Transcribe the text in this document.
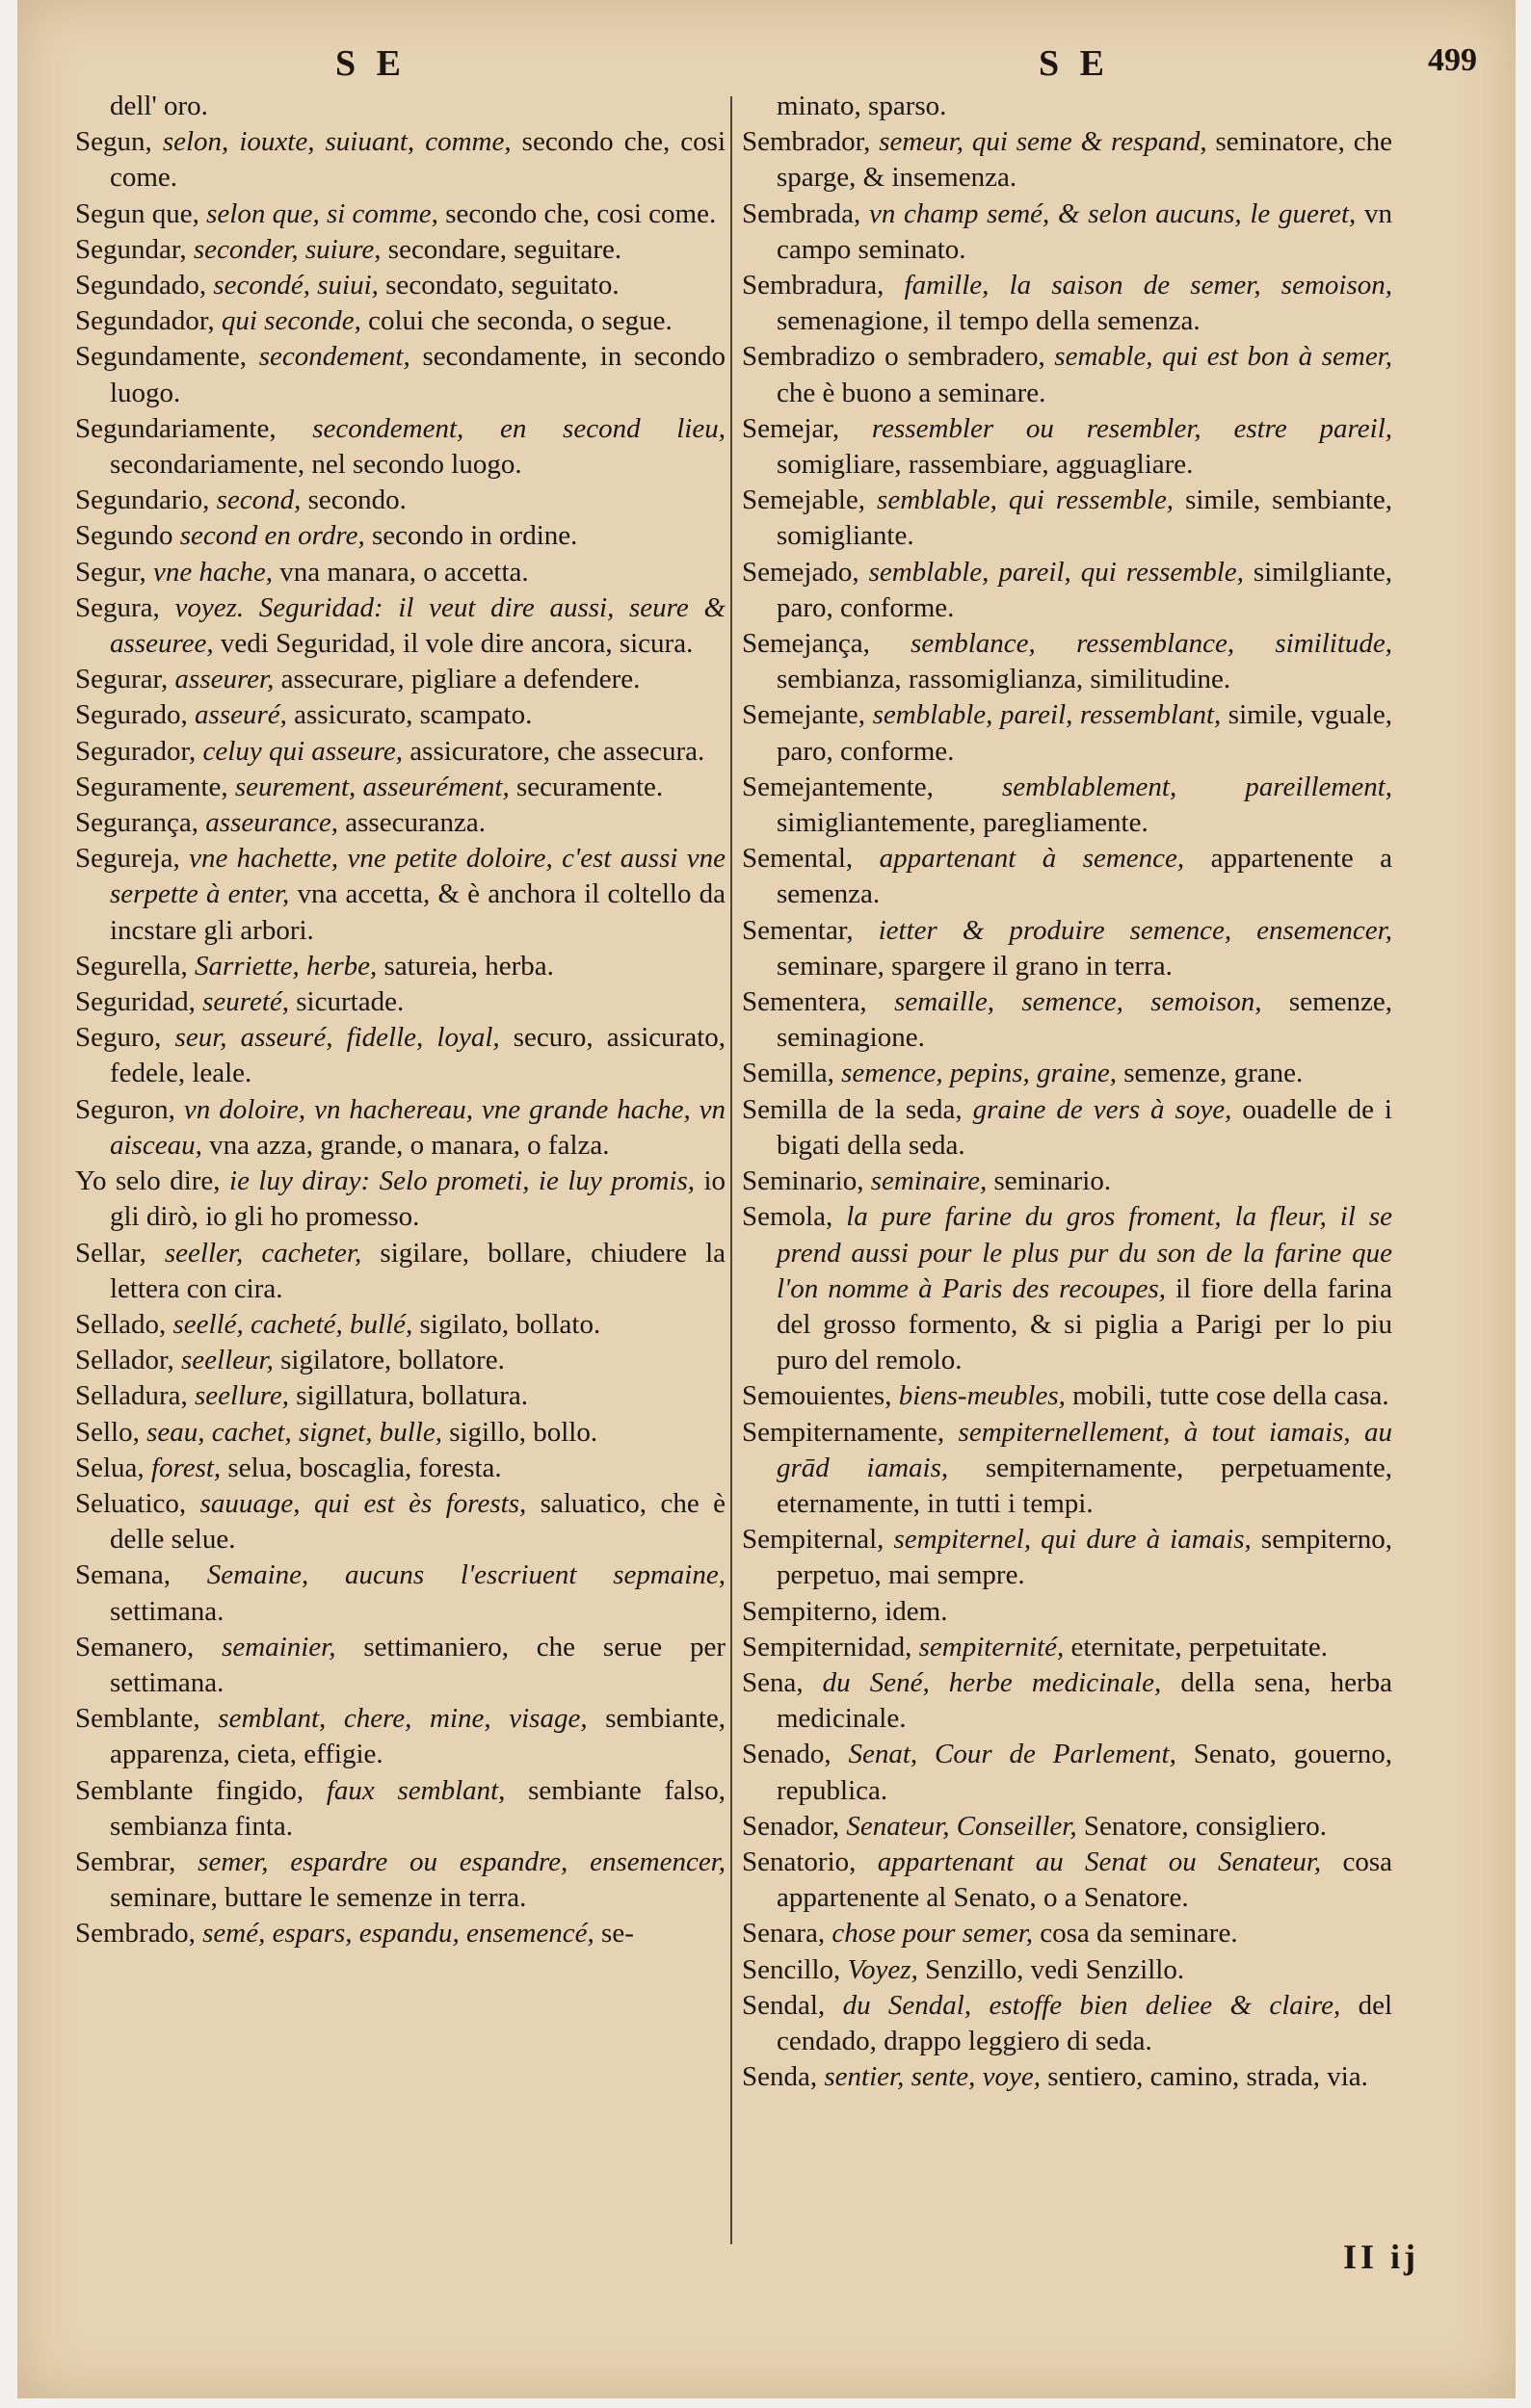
S E	S E	499

dell' oro.

Segun, selon, iouxte, suiuant, comme, secondo che, cosi come.

Segun que, selon que, si comme, secondo che, cosi come.

Segundar, seconder, suiure, secondare, seguitare.

Segundado, secondé, suiui, secondato, seguitato.

Segundador, qui seconde, colui che seconda, o segue.

Segundamente, secondement, secondamente, in secondo luogo.

Segundariamente, secondement, en second lieu, secondariamente, nel secondo luogo.

Segundario, second, secondo.

Segundo second en ordre, secondo in ordine.

Segur, vne hache, vna manara, o accetta.

Segura, voyez. Seguridad: il veut dire aussi, seure & asseuree, vedi Seguridad, il vole dire ancora, sicura.

Segurar, asseurer, assecurare, pigliare a defendere.

Segurado, asseuré, assicurato, scampato.

Segurador, celuy qui asseure, assicuratore, che assecura.

Seguramente, seurement, asseurément, securamente.

Segurança, asseurance, assecuranza.

Segureja, vne hachette, vne petite doloire, c'est aussi vne serpette à enter, vna accetta, & è anchora il coltello da incstare gli arbori.

Segurella, Sarriette, herbe, satureia, herba.

Seguridad, seureté, sicurtade.

Seguro, seur, asseuré, fidelle, loyal, securo, assicurato, fedele, leale.

Seguron, vn doloire, vn hachereau, vne grande hache, vn aisceau, vna azza, grande, o manara, o falza.

Yo selo dire, ie luy diray: Selo prometi, ie luy promis, io gli dirò, io gli ho promesso.

Sellar, seeller, cacheter, sigilare, bollare, chiudere la lettera con cira.

Sellado, seellé, cacheté, bullé, sigilato, bollato.

Sellador, seelleur, sigilatore, bollatore.

Selladura, seellure, sigillatura, bollatura.

Sello, seau, cachet, signet, bulle, sigillo, bollo.

Selua, forest, selua, boscaglia, foresta.

Seluatico, sauuage, qui est ès forests, saluatico, che è delle selue.

Semana, Semaine, aucuns l'escriuent sepmaine, settimana.

Semanero, semainier, settimaniero, che serue per settimana.

Semblante, semblant, chere, mine, visage, sembiante, apparenza, cieta, effigie.

Semblante fingido, faux semblant, sembiante falso, sembianza finta.

Sembrar, semer, espardre ou espandre, ensemencer, seminare, buttare le semenze in terra.

Sembrado, semé, espars, espandu, ensemencé, se-

minato, sparso.

Sembrador, semeur, qui seme & respand, seminatore, che sparge, & insemenza.

Sembrada, vn champ semé, & selon aucuns, le gueret, vn campo seminato.

Sembradura, famille, la saison de semer, semoison, semenagione, il tempo della semenza.

Sembradizo o sembradero, semable, qui est bon à semer, che è buono a seminare.

Semejar, ressembler ou resembler, estre pareil, somigliare, rassembiare, agguagliare.

Semejable, semblable, qui ressemble, simile, sembiante, somigliante.

Semejado, semblable, pareil, qui ressemble, similgliante, paro, conforme.

Semejança, semblance, ressemblance, similitude, sembianza, rassomiglianza, similitudine.

Semejante, semblable, pareil, ressemblant, simile, vguale, paro, conforme.

Semejantemente, semblablement, pareillement, simigliantemente, paregliamente.

Semental, appartenant à semence, appartenente a semenza.

Sementar, ietter & produire semence, ensemencer, seminare, spargere il grano in terra.

Sementera, semaille, semence, semoison, semenze, seminagione.

Semilla, semence, pepins, graine, semenze, grane.

Semilla de la seda, graine de vers à soye, ouadelle de i bigati della seda.

Seminario, seminaire, seminario.

Semola, la pure farine du gros froment, la fleur, il se prend aussi pour le plus pur du son de la farine que l'on nomme à Paris des recoupes, il fiore della farina del grosso formento, & si piglia a Parigi per lo piu puro del remolo.

Semouientes, biens-meubles, mobili, tutte cose della casa.

Sempiternamente, sempiternellement, à tout iamais, au grād iamais, sempiternamente, perpetuamente, eternamente, in tutti i tempi.

Sempiternal, sempiternel, qui dure à iamais, sempiterno, perpetuo, mai sempre.

Sempiterno, idem.

Sempiternidad, sempiternité, eternitate, perpetuitate.

Sena, du Sené, herbe medicinale, della sena, herba medicinale.

Senado, Senat, Cour de Parlement, Senato, gouerno, republica.

Senador, Senateur, Conseiller, Senatore, consigliero.

Senatorio, appartenant au Senat ou Senateur, cosa appartenente al Senato, o a Senatore.

Senara, chose pour semer, cosa da seminare.

Sencillo, Voyez, Senzillo, vedi Senzillo.

Sendal, du Sendal, estoffe bien deliee & claire, del cendado, drappo leggiero di seda.

Senda, sentier, sente, voye, sentiero, camino, strada, via.

II ij
